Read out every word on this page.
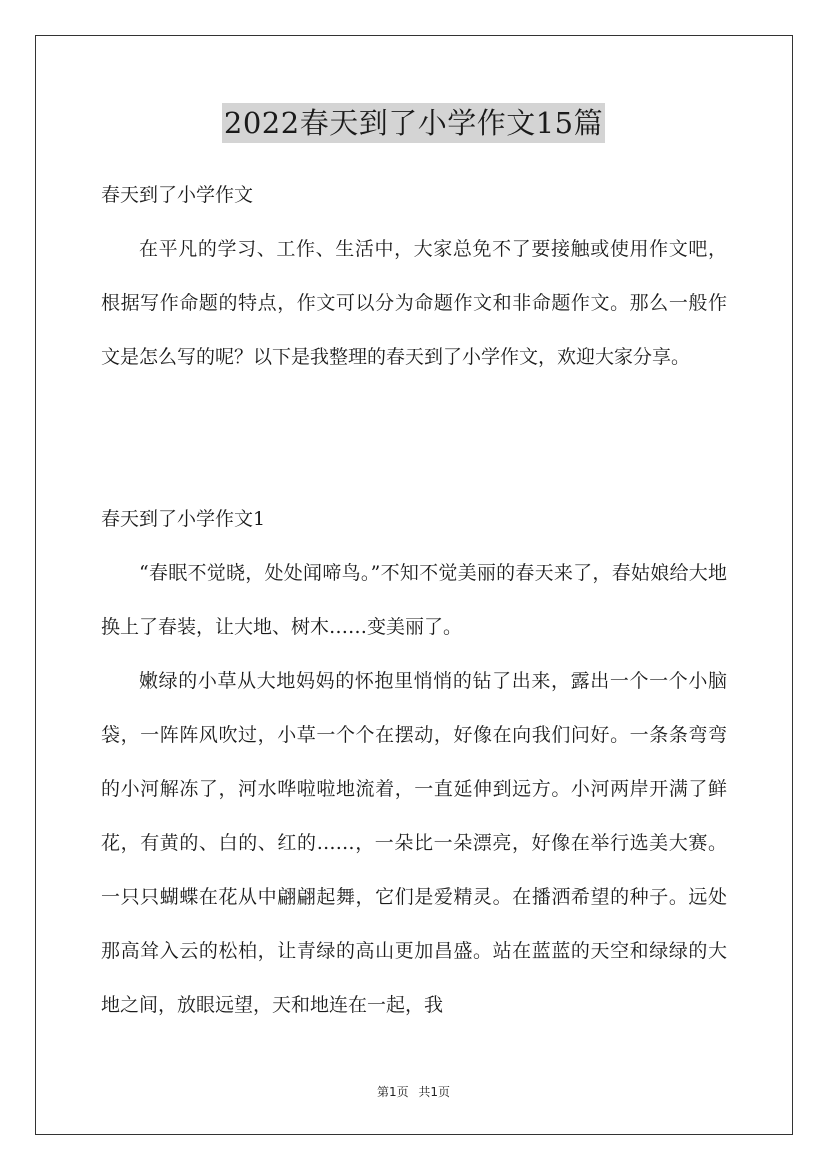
2022春天到了小学作文15篇
春天到了小学作文
在平凡的学习、工作、生活中，大家总免不了要接触或使用作文吧，根据写作命题的特点，作文可以分为命题作文和非命题作文。那么一般作文是怎么写的呢？以下是我整理的春天到了小学作文，欢迎大家分享。
春天到了小学作文1
“春眠不觉晓，处处闻啼鸟。”不知不觉美丽的春天来了，春姑娘给大地换上了春装，让大地、树木……变美丽了。
嫩绿的小草从大地妈妈的怀抱里悄悄的钻了出来，露出一个一个小脑袋，一阵阵风吹过，小草一个个在摆动，好像在向我们问好。一条条弯弯的小河解冻了，河水哗啦啦地流着，一直延伸到远方。小河两岸开满了鲜花，有黄的、白的、红的……，一朵比一朵漂亮，好像在举行选美大赛。一只只蝴蝶在花从中翩翩起舞，它们是爱精灵。在播洒希望的种子。远处那高耸入云的松柏，让青绿的高山更加昌盛。站在蓝蓝的天空和绿绿的大地之间，放眼远望，天和地连在一起，我
第1页 共1页
